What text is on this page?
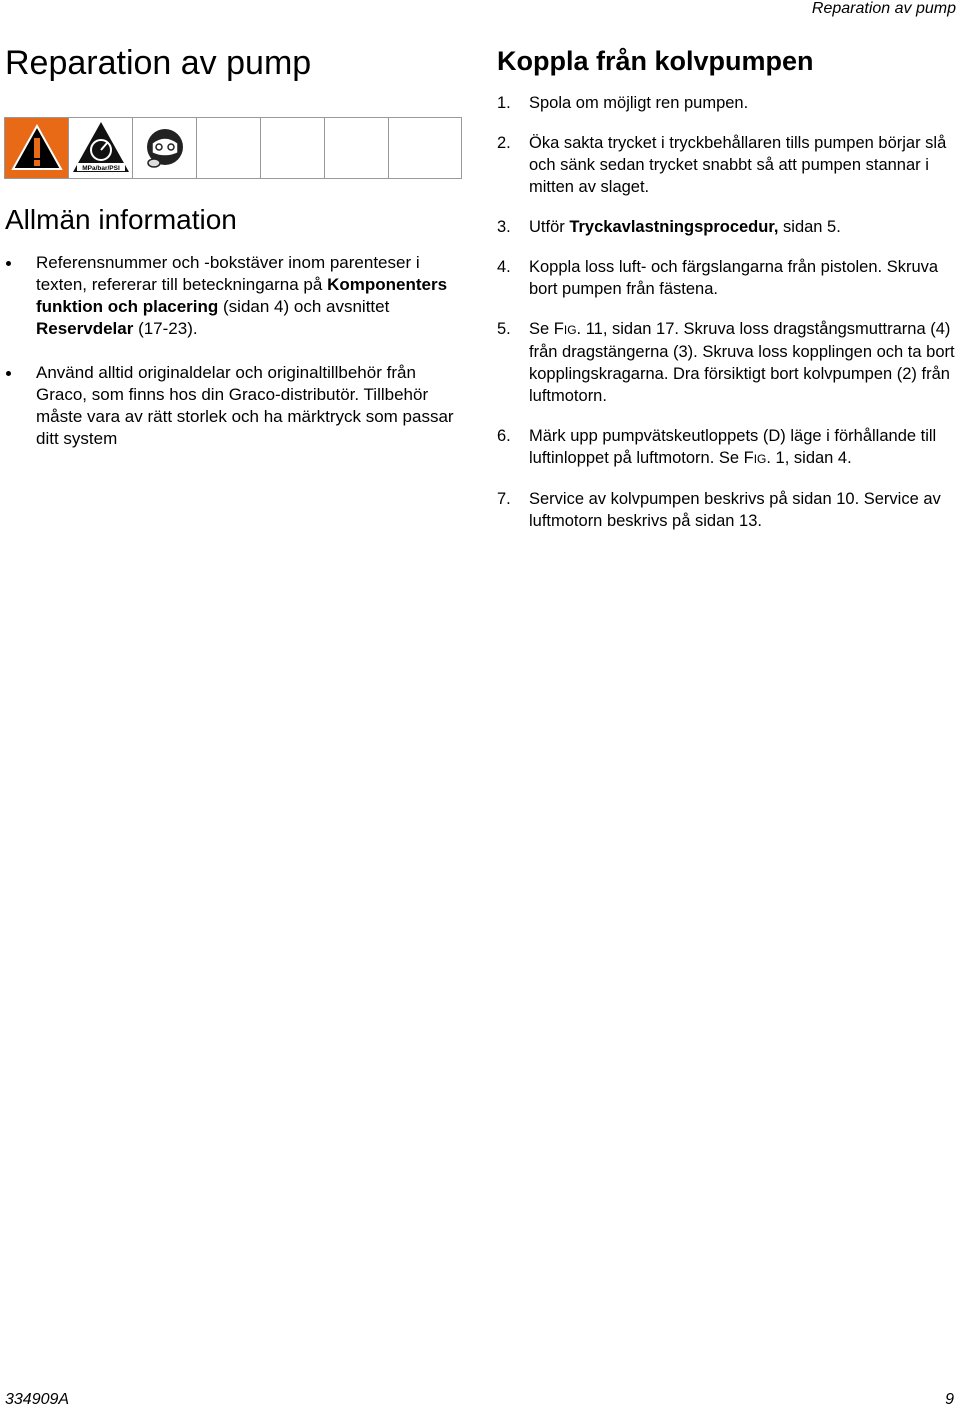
Reparation av pump
Reparation av pump
MPa/bar/PSI
Allmän information
Referensnummer och -bokstäver inom parenteser i texten, refererar till beteckningarna på Komponenters funktion och placering (sidan 4) och avsnittet Reservdelar (17-23).
Använd alltid originaldelar och originaltillbehör från Graco, som finns hos din Graco-distributör. Tillbehör måste vara av rätt storlek och ha märktryck som passar ditt system
Koppla från kolvpumpen
1. Spola om möjligt ren pumpen.
2. Öka sakta trycket i tryckbehållaren tills pumpen börjar slå och sänk sedan trycket snabbt så att pumpen stannar i mitten av slaget.
3. Utför Tryckavlastningsprocedur, sidan 5.
4. Koppla loss luft- och färgslangarna från pistolen. Skruva bort pumpen från fästena.
5. Se FIG. 11, sidan 17. Skruva loss dragstångsmuttrarna (4) från dragstängerna (3). Skruva loss kopplingen och ta bort kopplingskragarna. Dra försiktigt bort kolvpumpen (2) från luftmotorn.
6. Märk upp pumpvätskeutloppets (D) läge i förhållande till luftinloppet på luftmotorn. Se FIG. 1, sidan 4.
7. Service av kolvpumpen beskrivs på sidan 10. Service av luftmotorn beskrivs på sidan 13.
334909A	9
